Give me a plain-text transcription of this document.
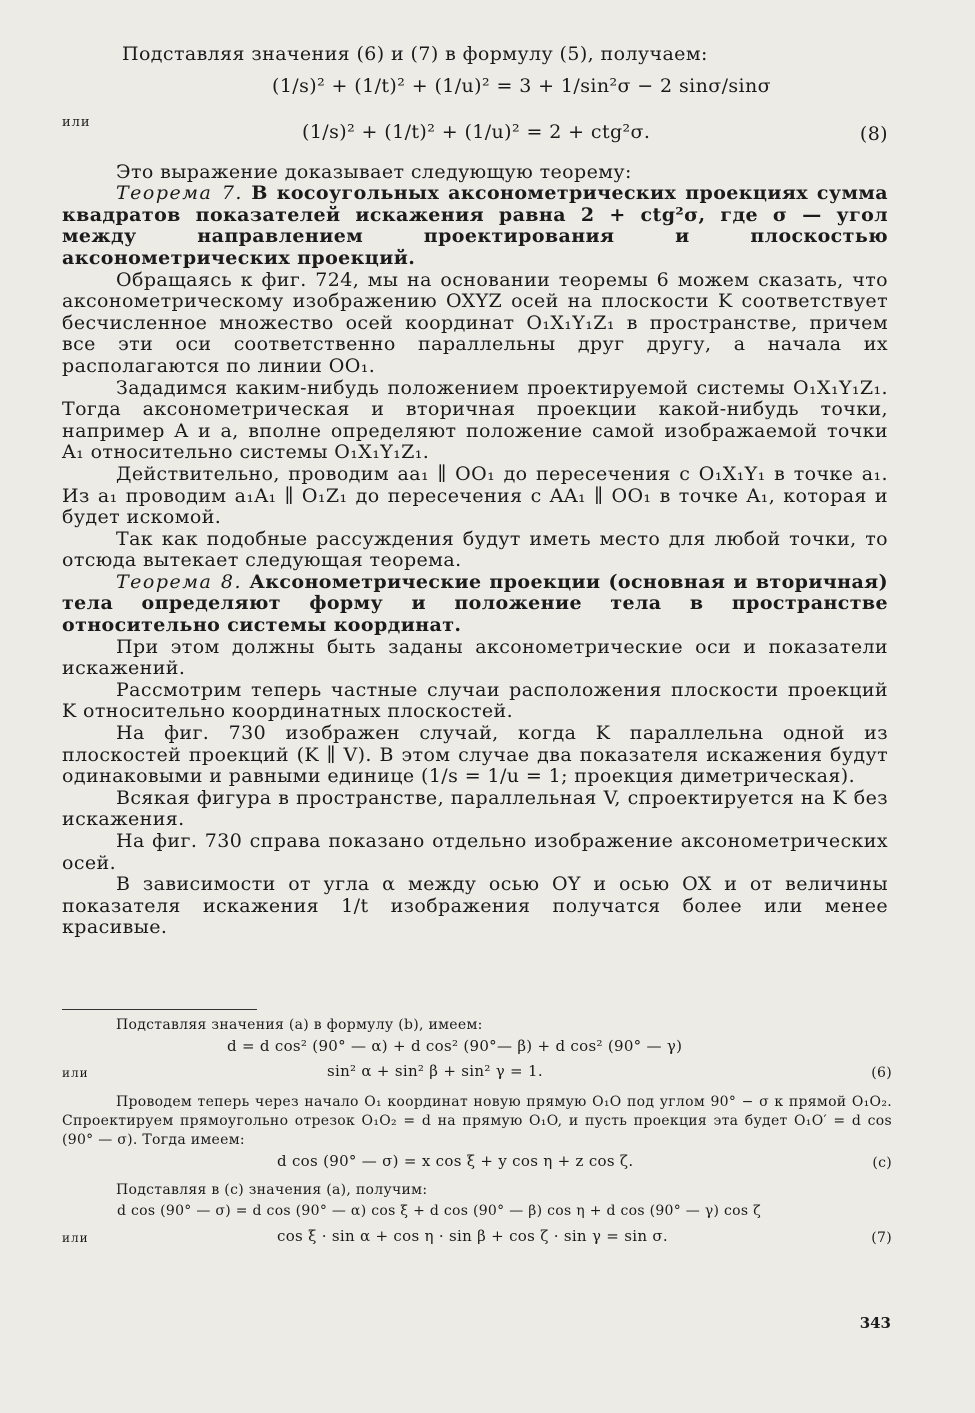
Подставляя значения (6) и (7) в формулу (5), получаем:

(1/s)² + (1/t)² + (1/u)² = 3 + 1/sin²σ − 2 sinσ/sinσ
или	(1/s)² + (1/t)² + (1/u)² = 2 + ctg²σ.	(8)

Это выражение доказывает следующую теорему:

Теорема 7. В косоугольных аксонометрических проекциях сумма квадратов показателей искажения равна 2 + ctg²σ, где σ — угол между направлением проектирования и плоскостью аксонометрических проекций.

Обращаясь к фиг. 724, мы на основании теоремы 6 можем сказать, что аксонометрическому изображению OXYZ осей на плоскости K соответствует бесчисленное множество осей координат O₁X₁Y₁Z₁ в пространстве, причем все эти оси соответственно параллельны друг другу, а начала их располагаются по линии OO₁.

Зададимся каким-нибудь положением проектируемой системы O₁X₁Y₁Z₁. Тогда аксонометрическая и вторичная проекции какой-нибудь точки, например A и a, вполне определяют положение самой изображаемой точки A₁ относительно системы O₁X₁Y₁Z₁.

Действительно, проводим aa₁ ∥ OO₁ до пересечения с O₁X₁Y₁ в точке a₁. Из a₁ проводим a₁A₁ ∥ O₁Z₁ до пересечения с AA₁ ∥ OO₁ в точке A₁, которая и будет искомой.

Так как подобные рассуждения будут иметь место для любой точки, то отсюда вытекает следующая теорема.

Теорема 8. Аксонометрические проекции (основная и вторичная) тела определяют форму и положение тела в пространстве относительно системы координат.

При этом должны быть заданы аксонометрические оси и показатели искажений.

Рассмотрим теперь частные случаи расположения плоскости проекций K относительно координатных плоскостей.

На фиг. 730 изображен случай, когда K параллельна одной из плоскостей проекций (K ∥ V). В этом случае два показателя искажения будут одинаковыми и равными единице (1/s = 1/u = 1; проекция диметрическая).

Всякая фигура в пространстве, параллельная V, спроектируется на K без искажения.

На фиг. 730 справа показано отдельно изображение аксонометрических осей.

В зависимости от угла α между осью OY и осью OX и от величины показателя искажения 1/t изображения получатся более или менее красивые.

Подставляя значения (a) в формулу (b), имеем:

d = d cos² (90° — α) + d cos² (90°— β) + d cos² (90° — γ)
или	sin² α + sin² β + sin² γ = 1.	(6)

Проводем теперь через начало O₁ координат новую прямую O₁O под углом 90° − σ к прямой O₁O₂. Спроектируем прямоугольно отрезок O₁O₂ = d на прямую O₁O, и пусть проекция эта будет O₁O′ = d cos (90° — σ). Тогда имеем:

d cos (90° — σ) = x cos ξ + y cos η + z cos ζ.	(c)

Подставляя в (c) значения (a), получим:

d cos (90° — σ) = d cos (90° — α) cos ξ + d cos (90° — β) cos η + d cos (90° — γ) cos ζ
или	cos ξ · sin α + cos η · sin β + cos ζ · sin γ = sin σ.	(7)
343
